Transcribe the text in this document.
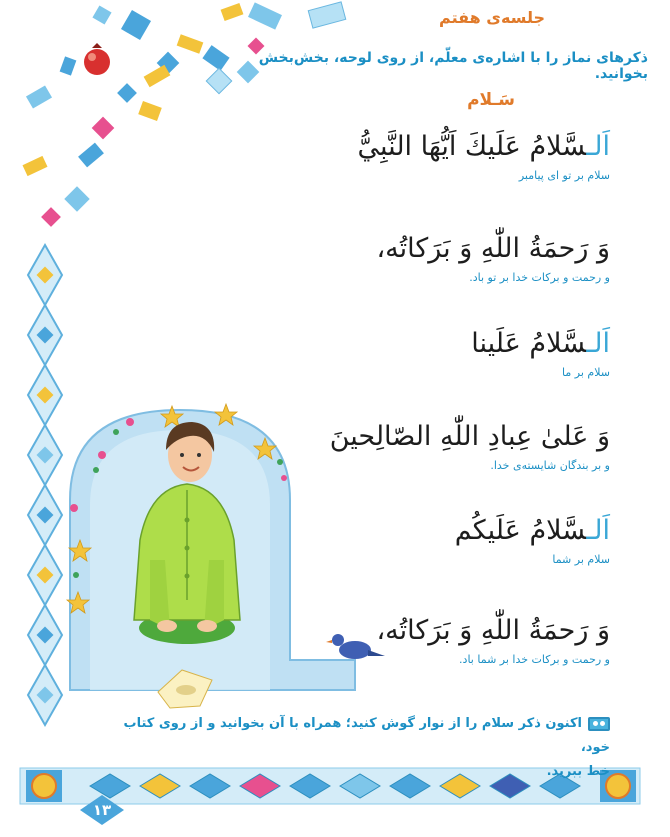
جلسه‌ی هفتم
ذکرهای نماز را با اشاره‌ی معلّم، از روی لوحه، بخش‌بخش بخوانید.
سَـلام
اَلـسَّلامُ عَلَيكَ اَيُّهَا النَّبِيُّ
سلام بر تو ای پیامبر
وَ رَحمَةُ اللّٰهِ وَ بَرَكاتُه،
و رحمت و برکات خدا بر تو باد.
اَلـسَّلامُ عَلَينا
سلام بر ما
وَ عَلىٰ عِبادِ اللّٰهِ الصّالِحينَ
و بر بندگان شایسته‌ی خدا.
اَلـسَّلامُ عَلَيكُم
سلام بر شما
وَ رَحمَةُ اللّٰهِ وَ بَرَكاتُه،
و رحمت و برکات خدا بر شما باد.
اکنون ذکر سلام را از نوار گوش کنید؛ همراه با آن بخوانید و از روی کتاب خود،
خط ببرید.
۱۳
